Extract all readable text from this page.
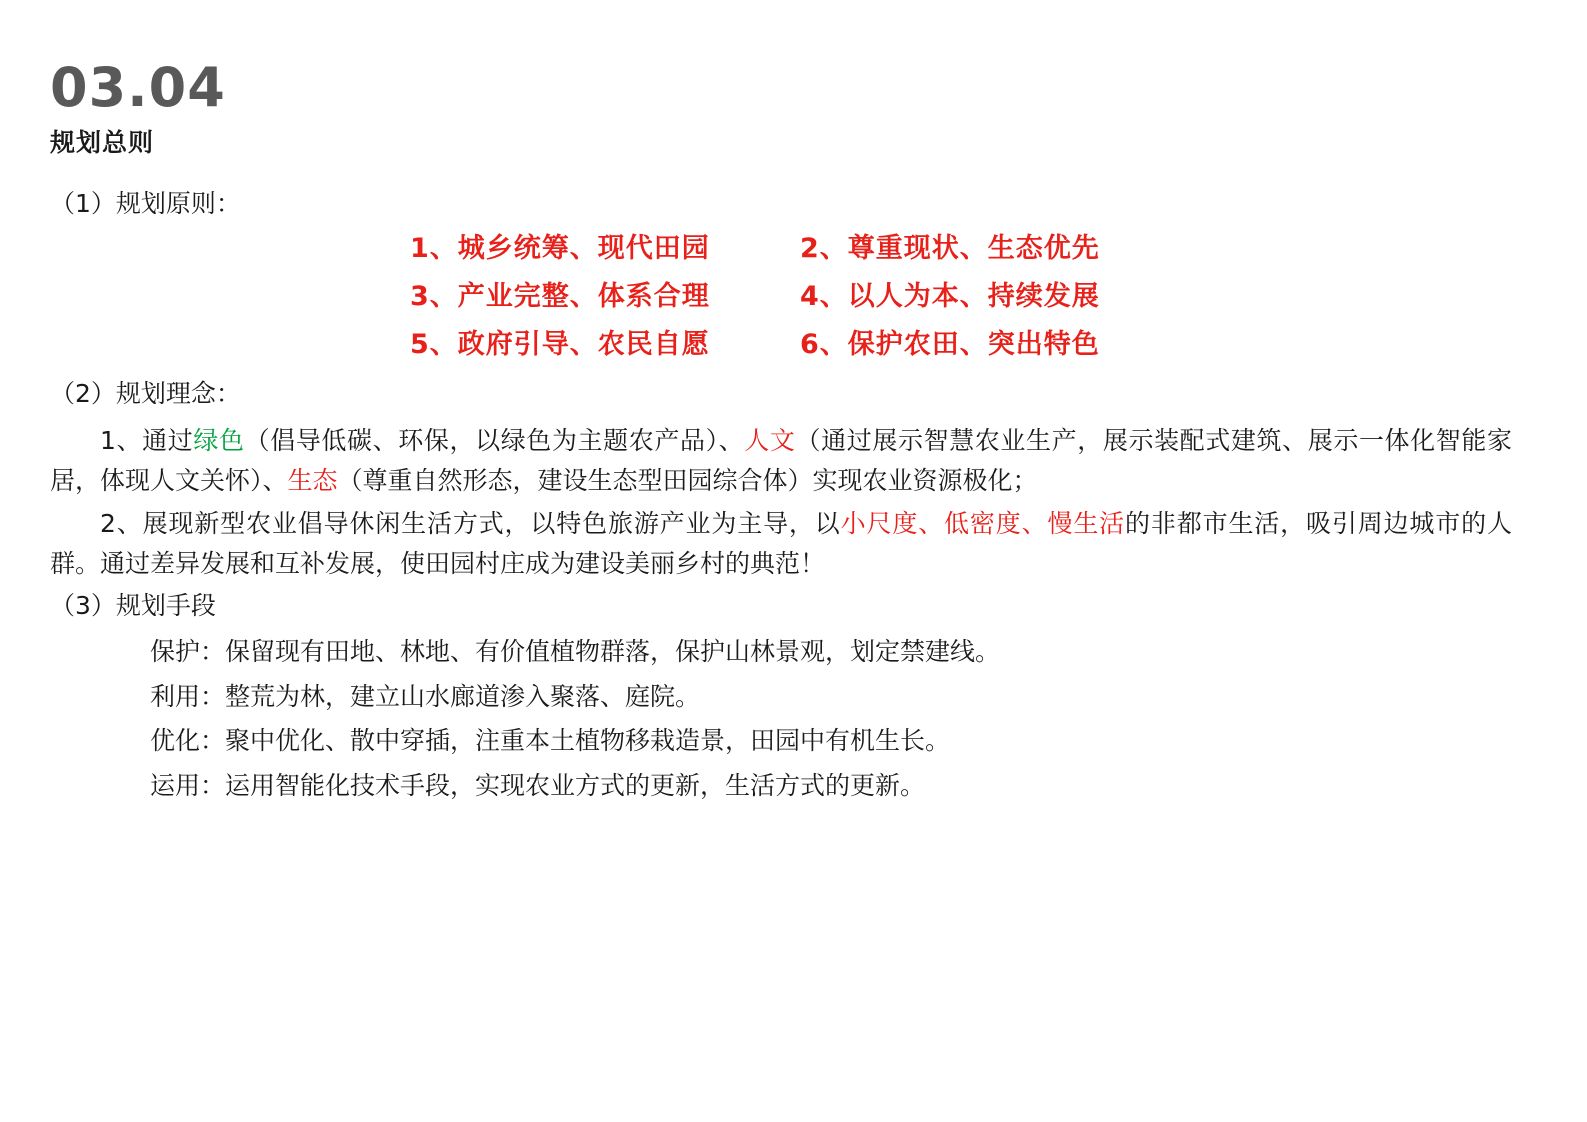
03.04
规划总则
（1）规划原则：
1、城乡统筹、现代田园	2、尊重现状、生态优先
3、产业完整、体系合理	4、以人为本、持续发展
5、政府引导、农民自愿	6、保护农田、突出特色
（2）规划理念：

1、通过绿色（倡导低碳、环保，以绿色为主题农产品）、人文（通过展示智慧农业生产，展示装配式建筑、展示一体化智能家居，体现人文关怀）、生态（尊重自然形态，建设生态型田园综合体）实现农业资源极化；

2、展现新型农业倡导休闲生活方式，以特色旅游产业为主导，以小尺度、低密度、慢生活的非都市生活，吸引周边城市的人群。通过差异发展和互补发展，使田园村庄成为建设美丽乡村的典范！

（3）规划手段
保护：保留现有田地、林地、有价值植物群落，保护山林景观，划定禁建线。
利用：整荒为林，建立山水廊道渗入聚落、庭院。
优化：聚中优化、散中穿插，注重本土植物移栽造景，田园中有机生长。
运用：运用智能化技术手段，实现农业方式的更新，生活方式的更新。
